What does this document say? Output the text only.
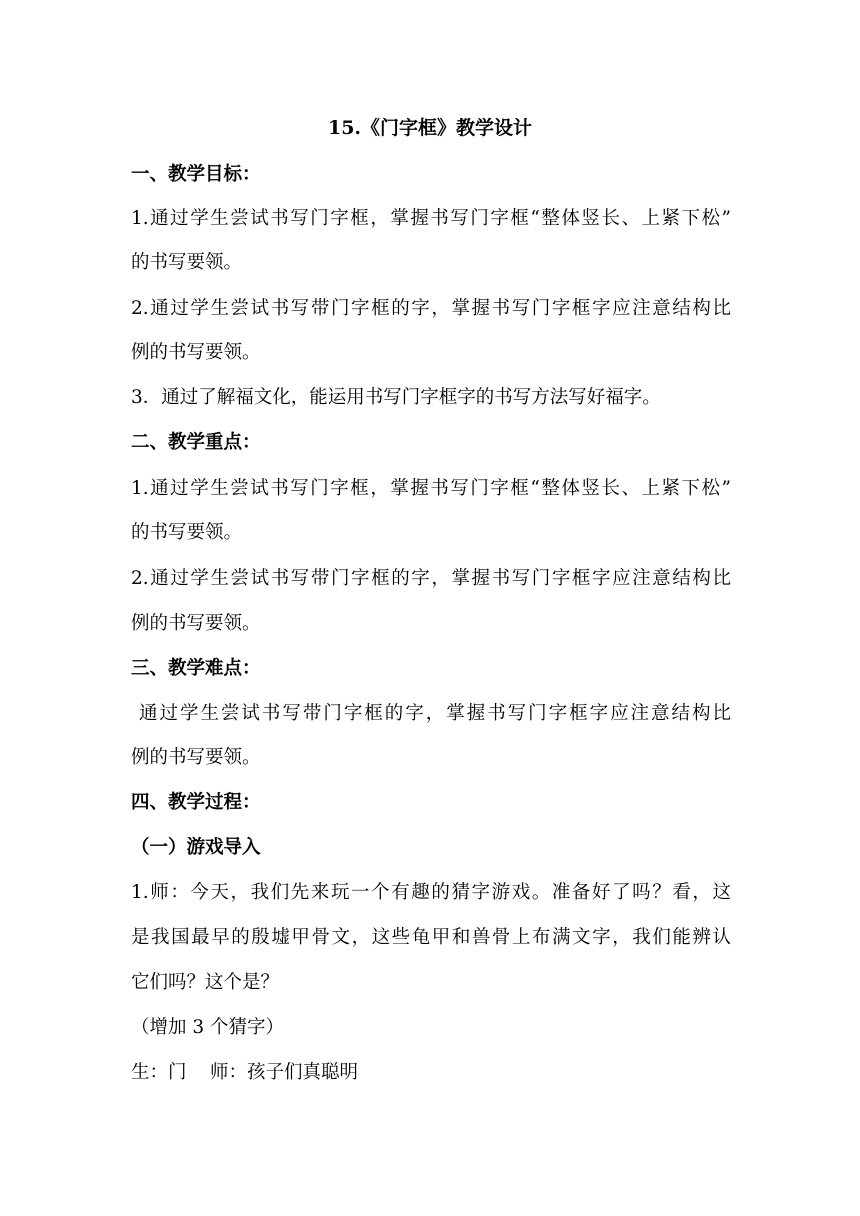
15.《门字框》教学设计
一、教学目标：
1.通过学生尝试书写门字框，掌握书写门字框“整体竖长、上紧下松”
的书写要领。
2.通过学生尝试书写带门字框的字，掌握书写门字框字应注意结构比
例的书写要领。
3．通过了解福文化，能运用书写门字框字的书写方法写好福字。
二、教学重点：
1.通过学生尝试书写门字框，掌握书写门字框“整体竖长、上紧下松”
的书写要领。
2.通过学生尝试书写带门字框的字，掌握书写门字框字应注意结构比
例的书写要领。
三、教学难点：
通过学生尝试书写带门字框的字，掌握书写门字框字应注意结构比
例的书写要领。
四、教学过程：
（一）游戏导入
1.师：今天，我们先来玩一个有趣的猜字游戏。准备好了吗？看，这
是我国最早的殷墟甲骨文，这些龟甲和兽骨上布满文字，我们能辨认
它们吗？这个是？
（增加 3 个猜字）
生：门    师：孩子们真聪明
